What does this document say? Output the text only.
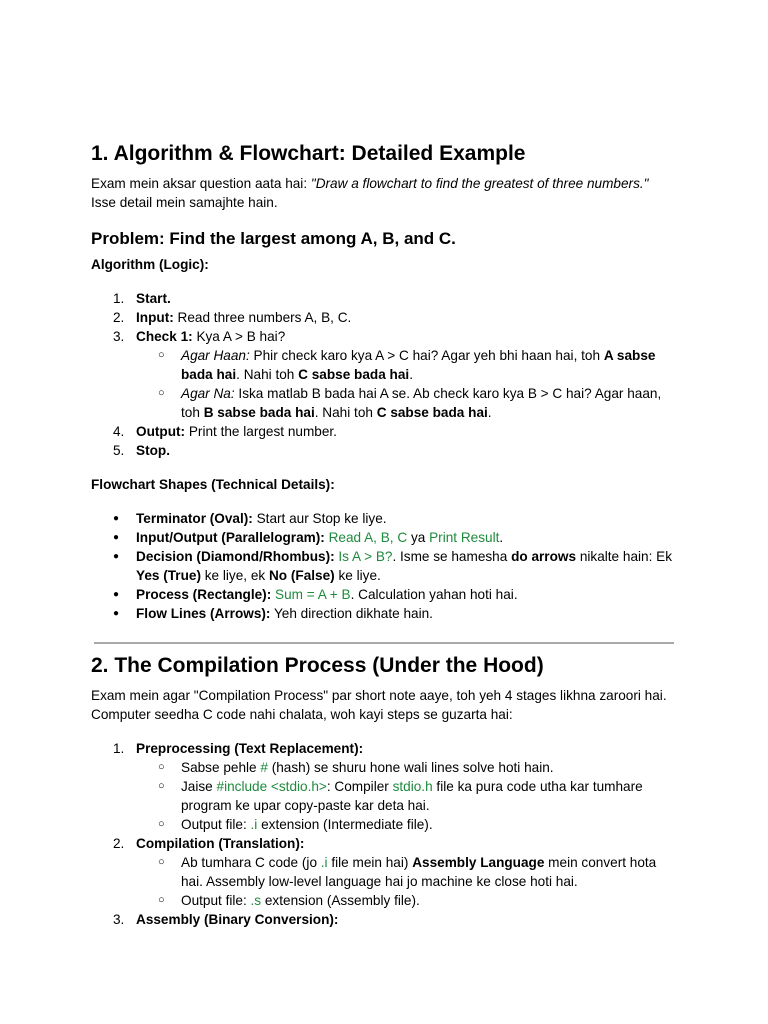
1. Algorithm & Flowchart: Detailed Example
Exam mein aksar question aata hai: "Draw a flowchart to find the greatest of three numbers."
Isse detail mein samajhte hain.
Problem: Find the largest among A, B, and C.
Algorithm (Logic):
1. Start.
2. Input: Read three numbers A, B, C.
3. Check 1: Kya A > B hai?
○ Agar Haan: Phir check karo kya A > C hai? Agar yeh bhi haan hai, toh A sabse bada hai. Nahi toh C sabse bada hai.
○ Agar Na: Iska matlab B bada hai A se. Ab check karo kya B > C hai? Agar haan, toh B sabse bada hai. Nahi toh C sabse bada hai.
4. Output: Print the largest number.
5. Stop.
Flowchart Shapes (Technical Details):
● Terminator (Oval): Start aur Stop ke liye.
● Input/Output (Parallelogram): Read A, B, C ya Print Result.
● Decision (Diamond/Rhombus): Is A > B?. Isme se hamesha do arrows nikalte hain: Ek Yes (True) ke liye, ek No (False) ke liye.
● Process (Rectangle): Sum = A + B. Calculation yahan hoti hai.
● Flow Lines (Arrows): Yeh direction dikhate hain.
2. The Compilation Process (Under the Hood)
Exam mein agar "Compilation Process" par short note aaye, toh yeh 4 stages likhna zaroori hai. Computer seedha C code nahi chalata, woh kayi steps se guzarta hai:
1. Preprocessing (Text Replacement):
○ Sabse pehle # (hash) se shuru hone wali lines solve hoti hain.
○ Jaise #include <stdio.h>: Compiler stdio.h file ka pura code utha kar tumhare program ke upar copy-paste kar deta hai.
○ Output file: .i extension (Intermediate file).
2. Compilation (Translation):
○ Ab tumhara C code (jo .i file mein hai) Assembly Language mein convert hota hai. Assembly low-level language hai jo machine ke close hoti hai.
○ Output file: .s extension (Assembly file).
3. Assembly (Binary Conversion):
